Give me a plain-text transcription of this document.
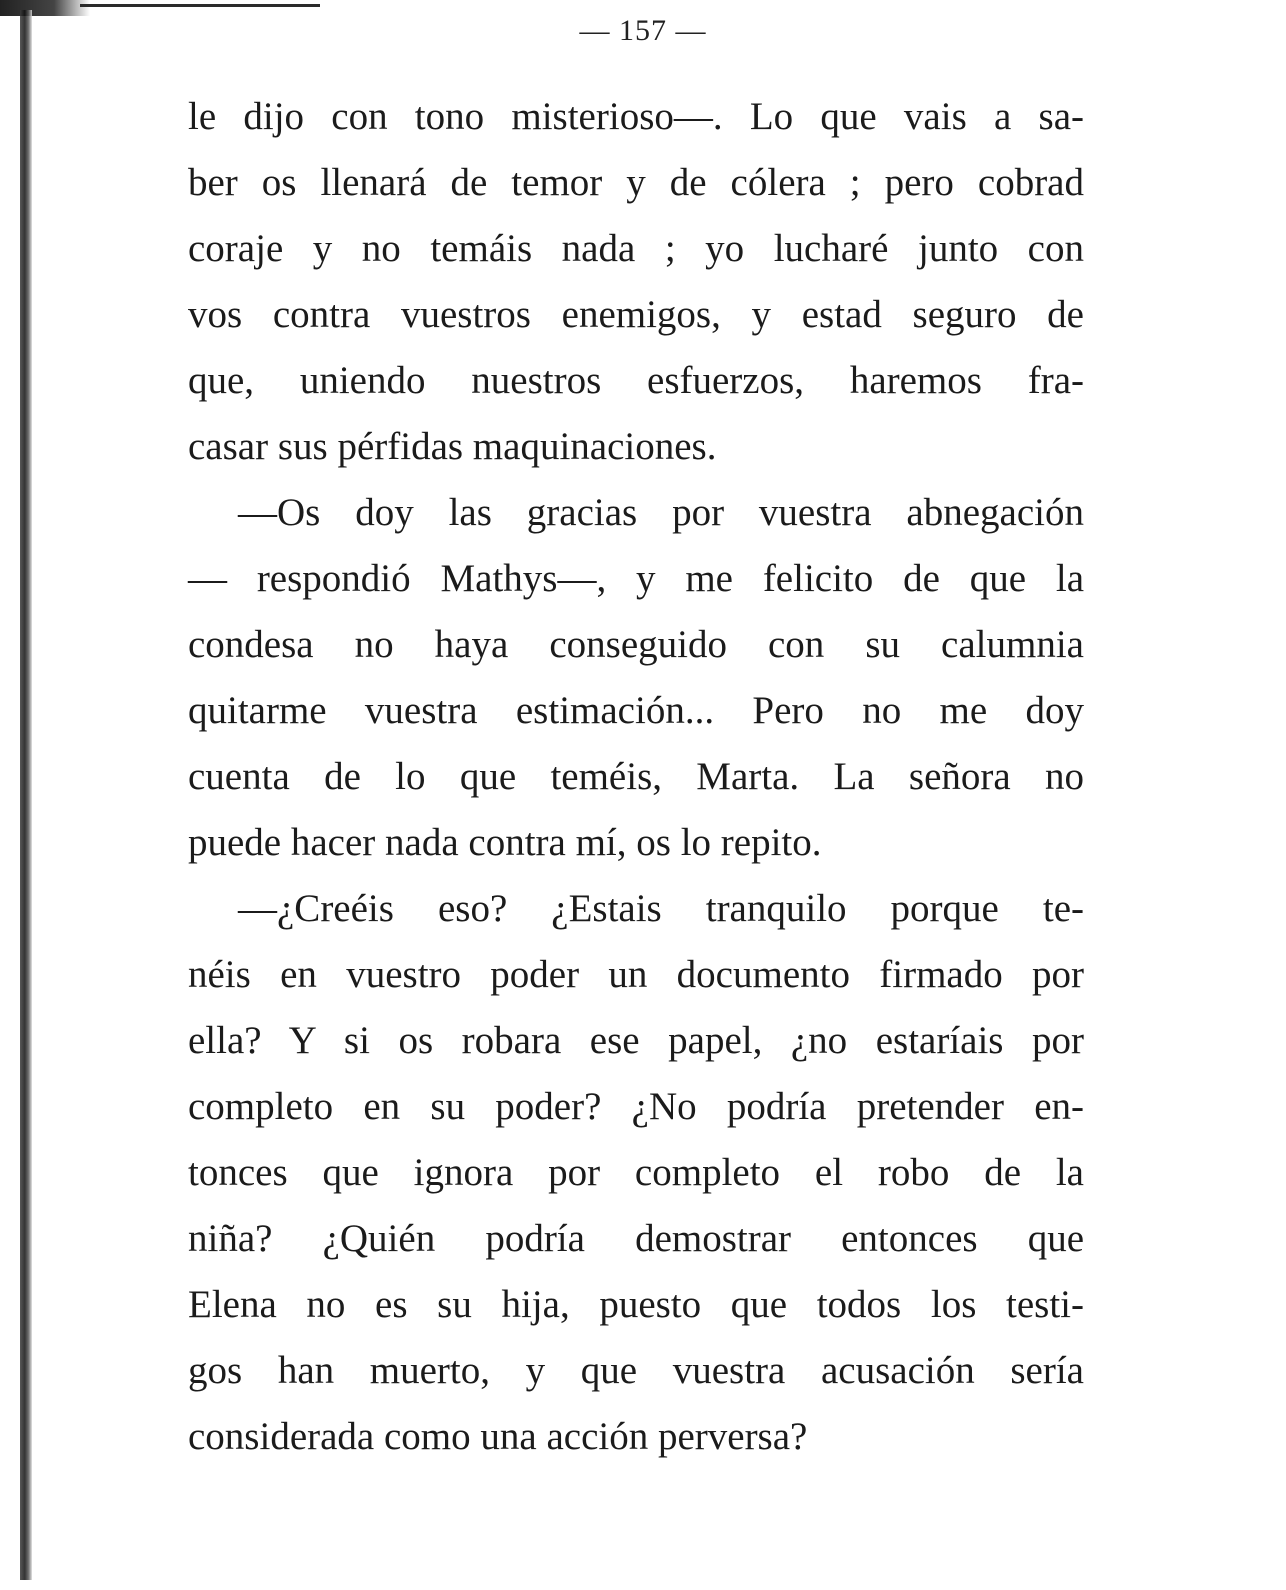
— 157 —
le dijo con tono misterioso—. Lo que vais a sa-
ber os llenará de temor y de cólera ; pero cobrad
coraje y no temáis nada ; yo lucharé junto con
vos contra vuestros enemigos, y estad seguro de
que, uniendo nuestros esfuerzos, haremos fra-
casar sus pérfidas maquinaciones.
—Os doy las gracias por vuestra abnegación
— respondió Mathys—, y me felicito de que la
condesa no haya conseguido con su calumnia
quitarme vuestra estimación... Pero no me doy
cuenta de lo que teméis, Marta. La señora no
puede hacer nada contra mí, os lo repito.
—¿Creéis eso? ¿Estais tranquilo porque te-
néis en vuestro poder un documento firmado por
ella? Y si os robara ese papel, ¿no estaríais por
completo en su poder? ¿No podría pretender en-
tonces que ignora por completo el robo de la
niña? ¿Quién podría demostrar entonces que
Elena no es su hija, puesto que todos los testi-
gos han muerto, y que vuestra acusación sería
considerada como una acción perversa?
